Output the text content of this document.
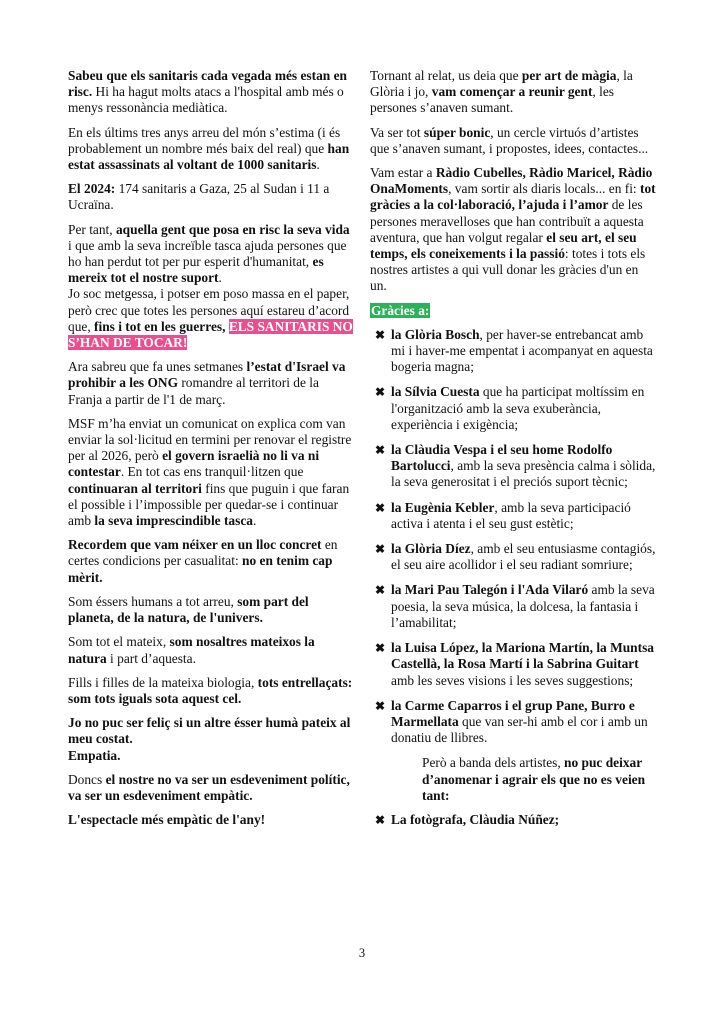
Sabeu que els sanitaris cada vegada més estan en risc. Hi ha hagut molts atacs a l'hospital amb més o menys ressonància mediàtica.

En els últims tres anys arreu del món s’estima (i és probablement un nombre més baix del real) que han estat assassinats al voltant de 1000 sanitaris.

El 2024: 174 sanitaris a Gaza, 25 al Sudan i 11 a Ucraïna.

Per tant, aquella gent que posa en risc la seva vida i que amb la seva increïble tasca ajuda persones que ho han perdut tot per pur esperit d'humanitat, es mereix tot el nostre suport.

Jo soc metgessa, i potser em poso massa en el paper, però crec que totes les persones aquí estareu d’acord que, fins i tot en les guerres, ELS SANITARIS NO S’HAN DE TOCAR!

Ara sabreu que fa unes setmanes l’estat d'Israel va prohibir a les ONG romandre al territori de la Franja a partir de l'1 de març.

MSF m’ha enviat un comunicat on explica com van enviar la sol·licitud en termini per renovar el registre per al 2026, però el govern israelià no li va ni contestar. En tot cas ens tranquil·litzen que continuaran al territori fins que puguin i que faran el possible i l’impossible per quedar-se i continuar amb la seva imprescindible tasca.

Recordem que vam néixer en un lloc concret en certes condicions per casualitat: no en tenim cap mèrit.

Som éssers humans a tot arreu, som part del planeta, de la natura, de l'univers.

Som tot el mateix, som nosaltres mateixos la natura i part d’aquesta.

Fills i filles de la mateixa biologia, tots entrellaçats: som tots iguals sota aquest cel.

Jo no puc ser feliç si un altre ésser humà pateix al meu costat.
Empatia.

Doncs el nostre no va ser un esdeveniment polític, va ser un esdeveniment empàtic.

L'espectacle més empàtic de l'any!

Tornant al relat, us deia que per art de màgia, la Glòria i jo, vam començar a reunir gent, les persones s’anaven sumant.

Va ser tot súper bonic, un cercle virtuós d’artistes que s’anaven sumant, i propostes, idees, contactes...

Vam estar a Ràdio Cubelles, Ràdio Maricel, Ràdio OnaMoments, vam sortir als diaris locals... en fi: tot gràcies a la col·laboració, l’ajuda i l’amor de les persones meravelloses que han contribuït a aquesta aventura, que han volgut regalar el seu art, el seu temps, els coneixements i la passió: totes i tots els nostres artistes a qui vull donar les gràcies d'un en un.

Gràcies a:

✖ la Glòria Bosch, per haver-se entrebancat amb mi i haver-me empentat i acompanyat en aquesta bogeria magna;
✖ la Sílvia Cuesta que ha participat moltíssim en l'organització amb la seva exuberància, experiència i exigència;
✖ la Clàudia Vespa i el seu home Rodolfo Bartolucci, amb la seva presència calma i sòlida, la seva generositat i el preciós suport tècnic;
✖ la Eugènia Kebler, amb la seva participació activa i atenta i el seu gust estètic;
✖ la Glòria Díez, amb el seu entusiasme contagiós, el seu aire acollidor i el seu radiant somriure;
✖ la Mari Pau Talegón i l'Ada Vilaró amb la seva poesia, la seva música, la dolcesa, la fantasia i l’amabilitat;
✖ la Luisa López, la Mariona Martín, la Muntsa Castellà, la Rosa Martí i la Sabrina Guitart amb les seves visions i les seves suggestions;
✖ la Carme Caparros i el grup Pane, Burro e Marmellata que van ser-hi amb el cor i amb un donatiu de llibres.

Però a banda dels artistes, no puc deixar d’anomenar i agrair els que no es veien tant:

✖ La fotògrafa, Clàudia Núñez;
3
